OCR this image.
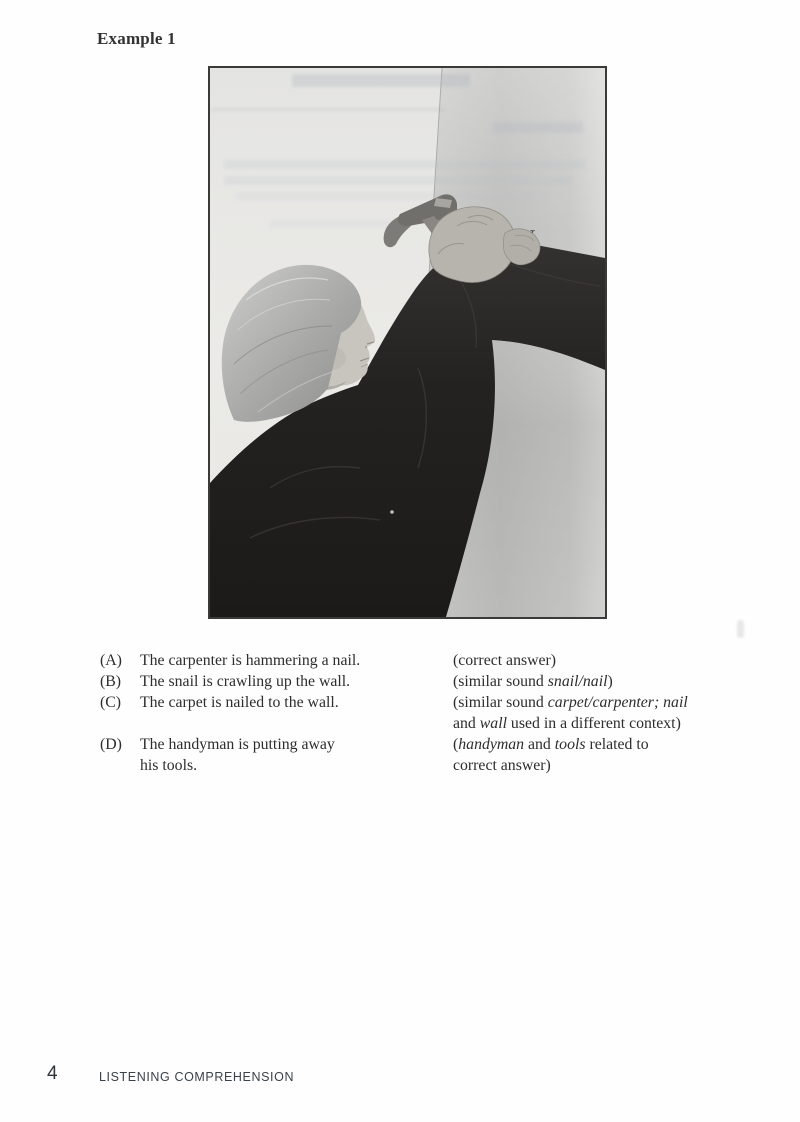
Example 1
(A)	The carpenter is hammering a nail.	(correct answer)
(B)	The snail is crawling up the wall.	(similar sound snail/nail)
(C)	The carpet is nailed to the wall.	(similar sound carpet/carpenter; nail
and wall used in a different context)
(D)	The handyman is putting away	(handyman and tools related to
his tools.	correct answer)
4	LISTENING COMPREHENSION
